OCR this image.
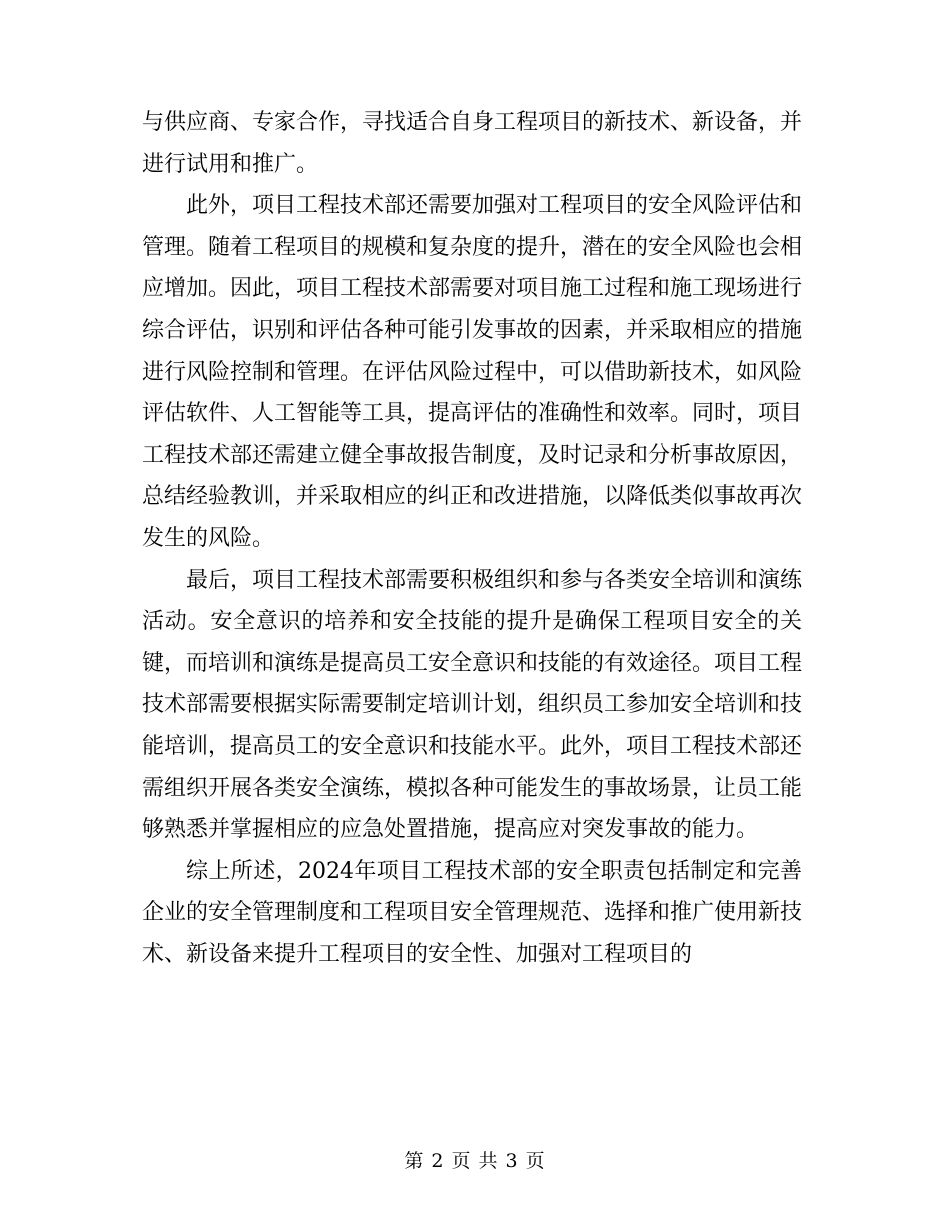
与供应商、专家合作，寻找适合自身工程项目的新技术、新设备，并进行试用和推广。

此外，项目工程技术部还需要加强对工程项目的安全风险评估和管理。随着工程项目的规模和复杂度的提升，潜在的安全风险也会相应增加。因此，项目工程技术部需要对项目施工过程和施工现场进行综合评估，识别和评估各种可能引发事故的因素，并采取相应的措施进行风险控制和管理。在评估风险过程中，可以借助新技术，如风险评估软件、人工智能等工具，提高评估的准确性和效率。同时，项目工程技术部还需建立健全事故报告制度，及时记录和分析事故原因，总结经验教训，并采取相应的纠正和改进措施，以降低类似事故再次发生的风险。

最后，项目工程技术部需要积极组织和参与各类安全培训和演练活动。安全意识的培养和安全技能的提升是确保工程项目安全的关键，而培训和演练是提高员工安全意识和技能的有效途径。项目工程技术部需要根据实际需要制定培训计划，组织员工参加安全培训和技能培训，提高员工的安全意识和技能水平。此外，项目工程技术部还需组织开展各类安全演练，模拟各种可能发生的事故场景，让员工能够熟悉并掌握相应的应急处置措施，提高应对突发事故的能力。

综上所述，2024年项目工程技术部的安全职责包括制定和完善企业的安全管理制度和工程项目安全管理规范、选择和推广使用新技术、新设备来提升工程项目的安全性、加强对工程项目的

第 2 页 共 3 页
